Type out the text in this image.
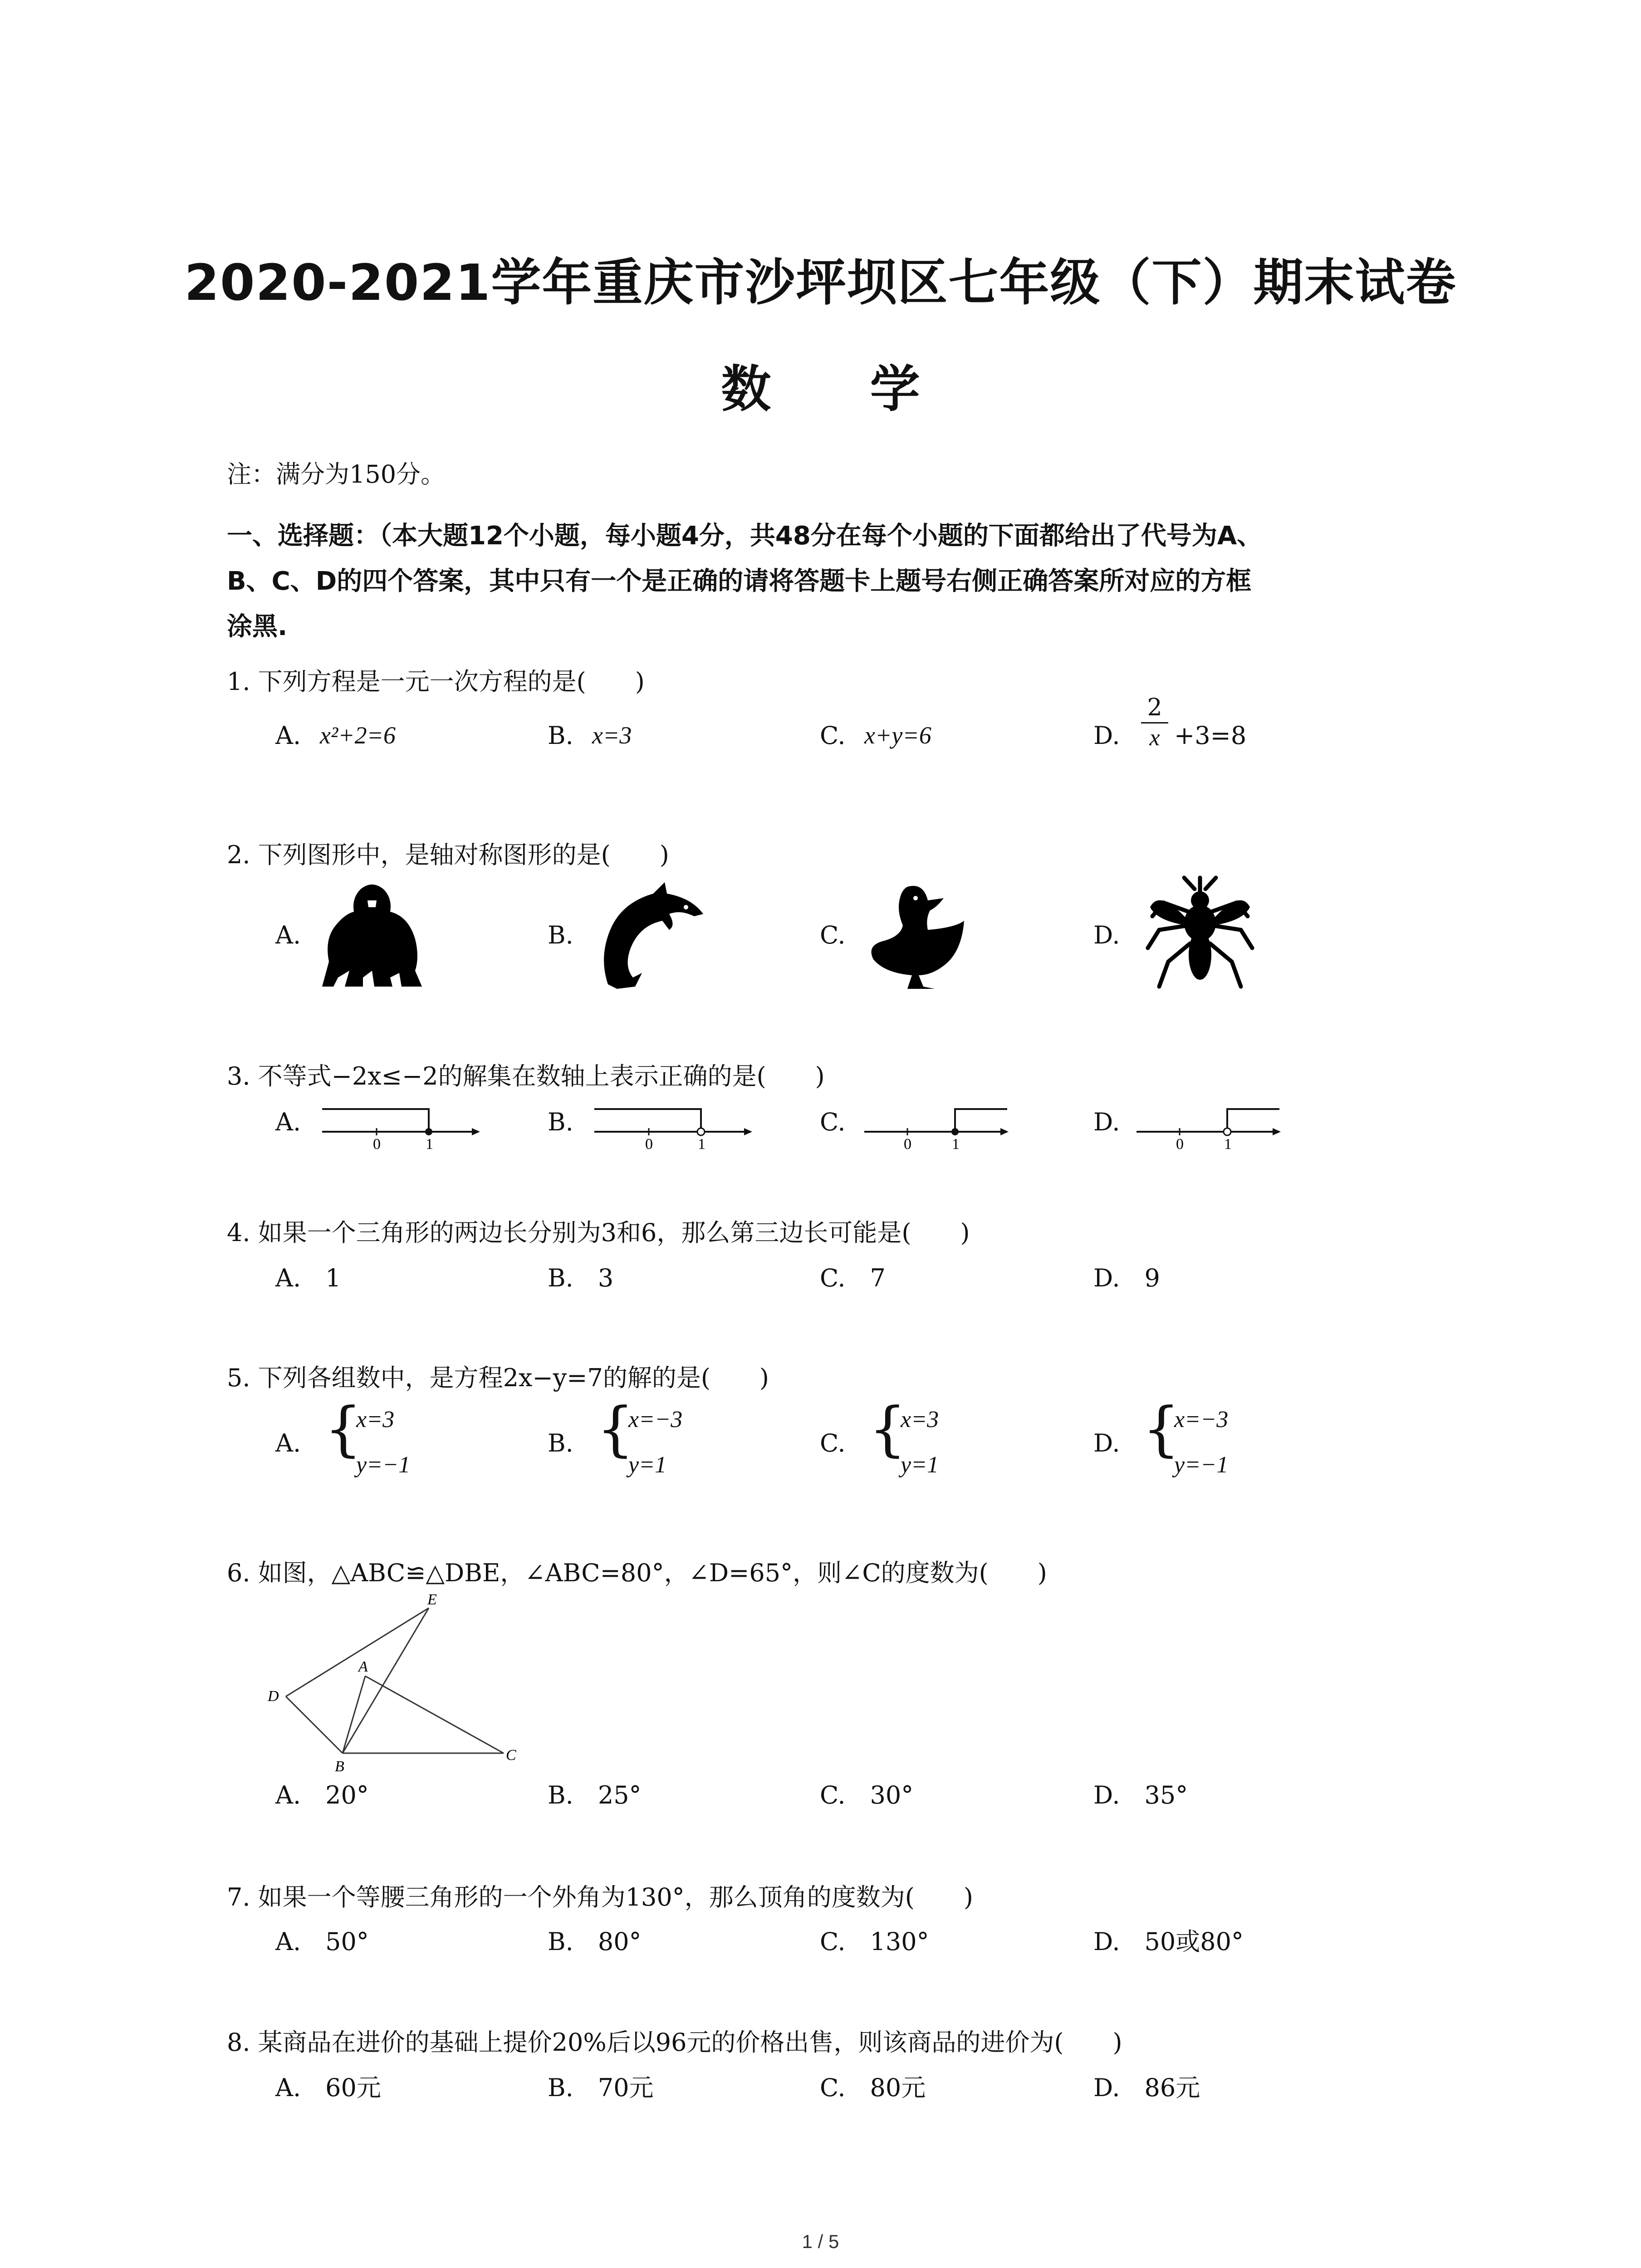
2020-2021学年重庆市沙坪坝区七年级（下）期末试卷
数 学
注：满分为150分。
一、选择题：（本大题12个小题，每小题4分，共48分在每个小题的下面都给出了代号为A、
B、C、D的四个答案，其中只有一个是正确的请将答题卡上题号右侧正确答案所对应的方框
涂黑.
1. 下列方程是一元一次方程的是(　　)
A. x²+2=6	B. x=3	C. x+y=6	D.
2
x +3=8
2. 下列图形中，是轴对称图形的是(　　)
A.	B.	C.	D.
3. 不等式−2x≤−2的解集在数轴上表示正确的是(　　)
A.	B.	C.	D.
0	1	0	1	0	1	0	1
4. 如果一个三角形的两边长分别为3和6，那么第三边长可能是(　　)
A.　1	B.　3	C.　7	D.　9
5. 下列各组数中，是方程2x−y=7的解的是(　　)
A. {
x=3
y=−1
B. {
x=−3
y=1
C. {
x=3
y=1
D. {
x=−3
y=−1
6. 如图，△ABC≌△DBE，∠ABC=80°，∠D=65°，则∠C的度数为(　　)
E
A
D
B
C
A.　20°	B.　25°	C.　30°	D.　35°
7. 如果一个等腰三角形的一个外角为130°，那么顶角的度数为(　　)
A.　50°	B.　80°	C.　130°	D.　50或80°
8. 某商品在进价的基础上提价20%后以96元的价格出售，则该商品的进价为(　　)
A.　60元	B.　70元	C.　80元	D.　86元
1 / 5
